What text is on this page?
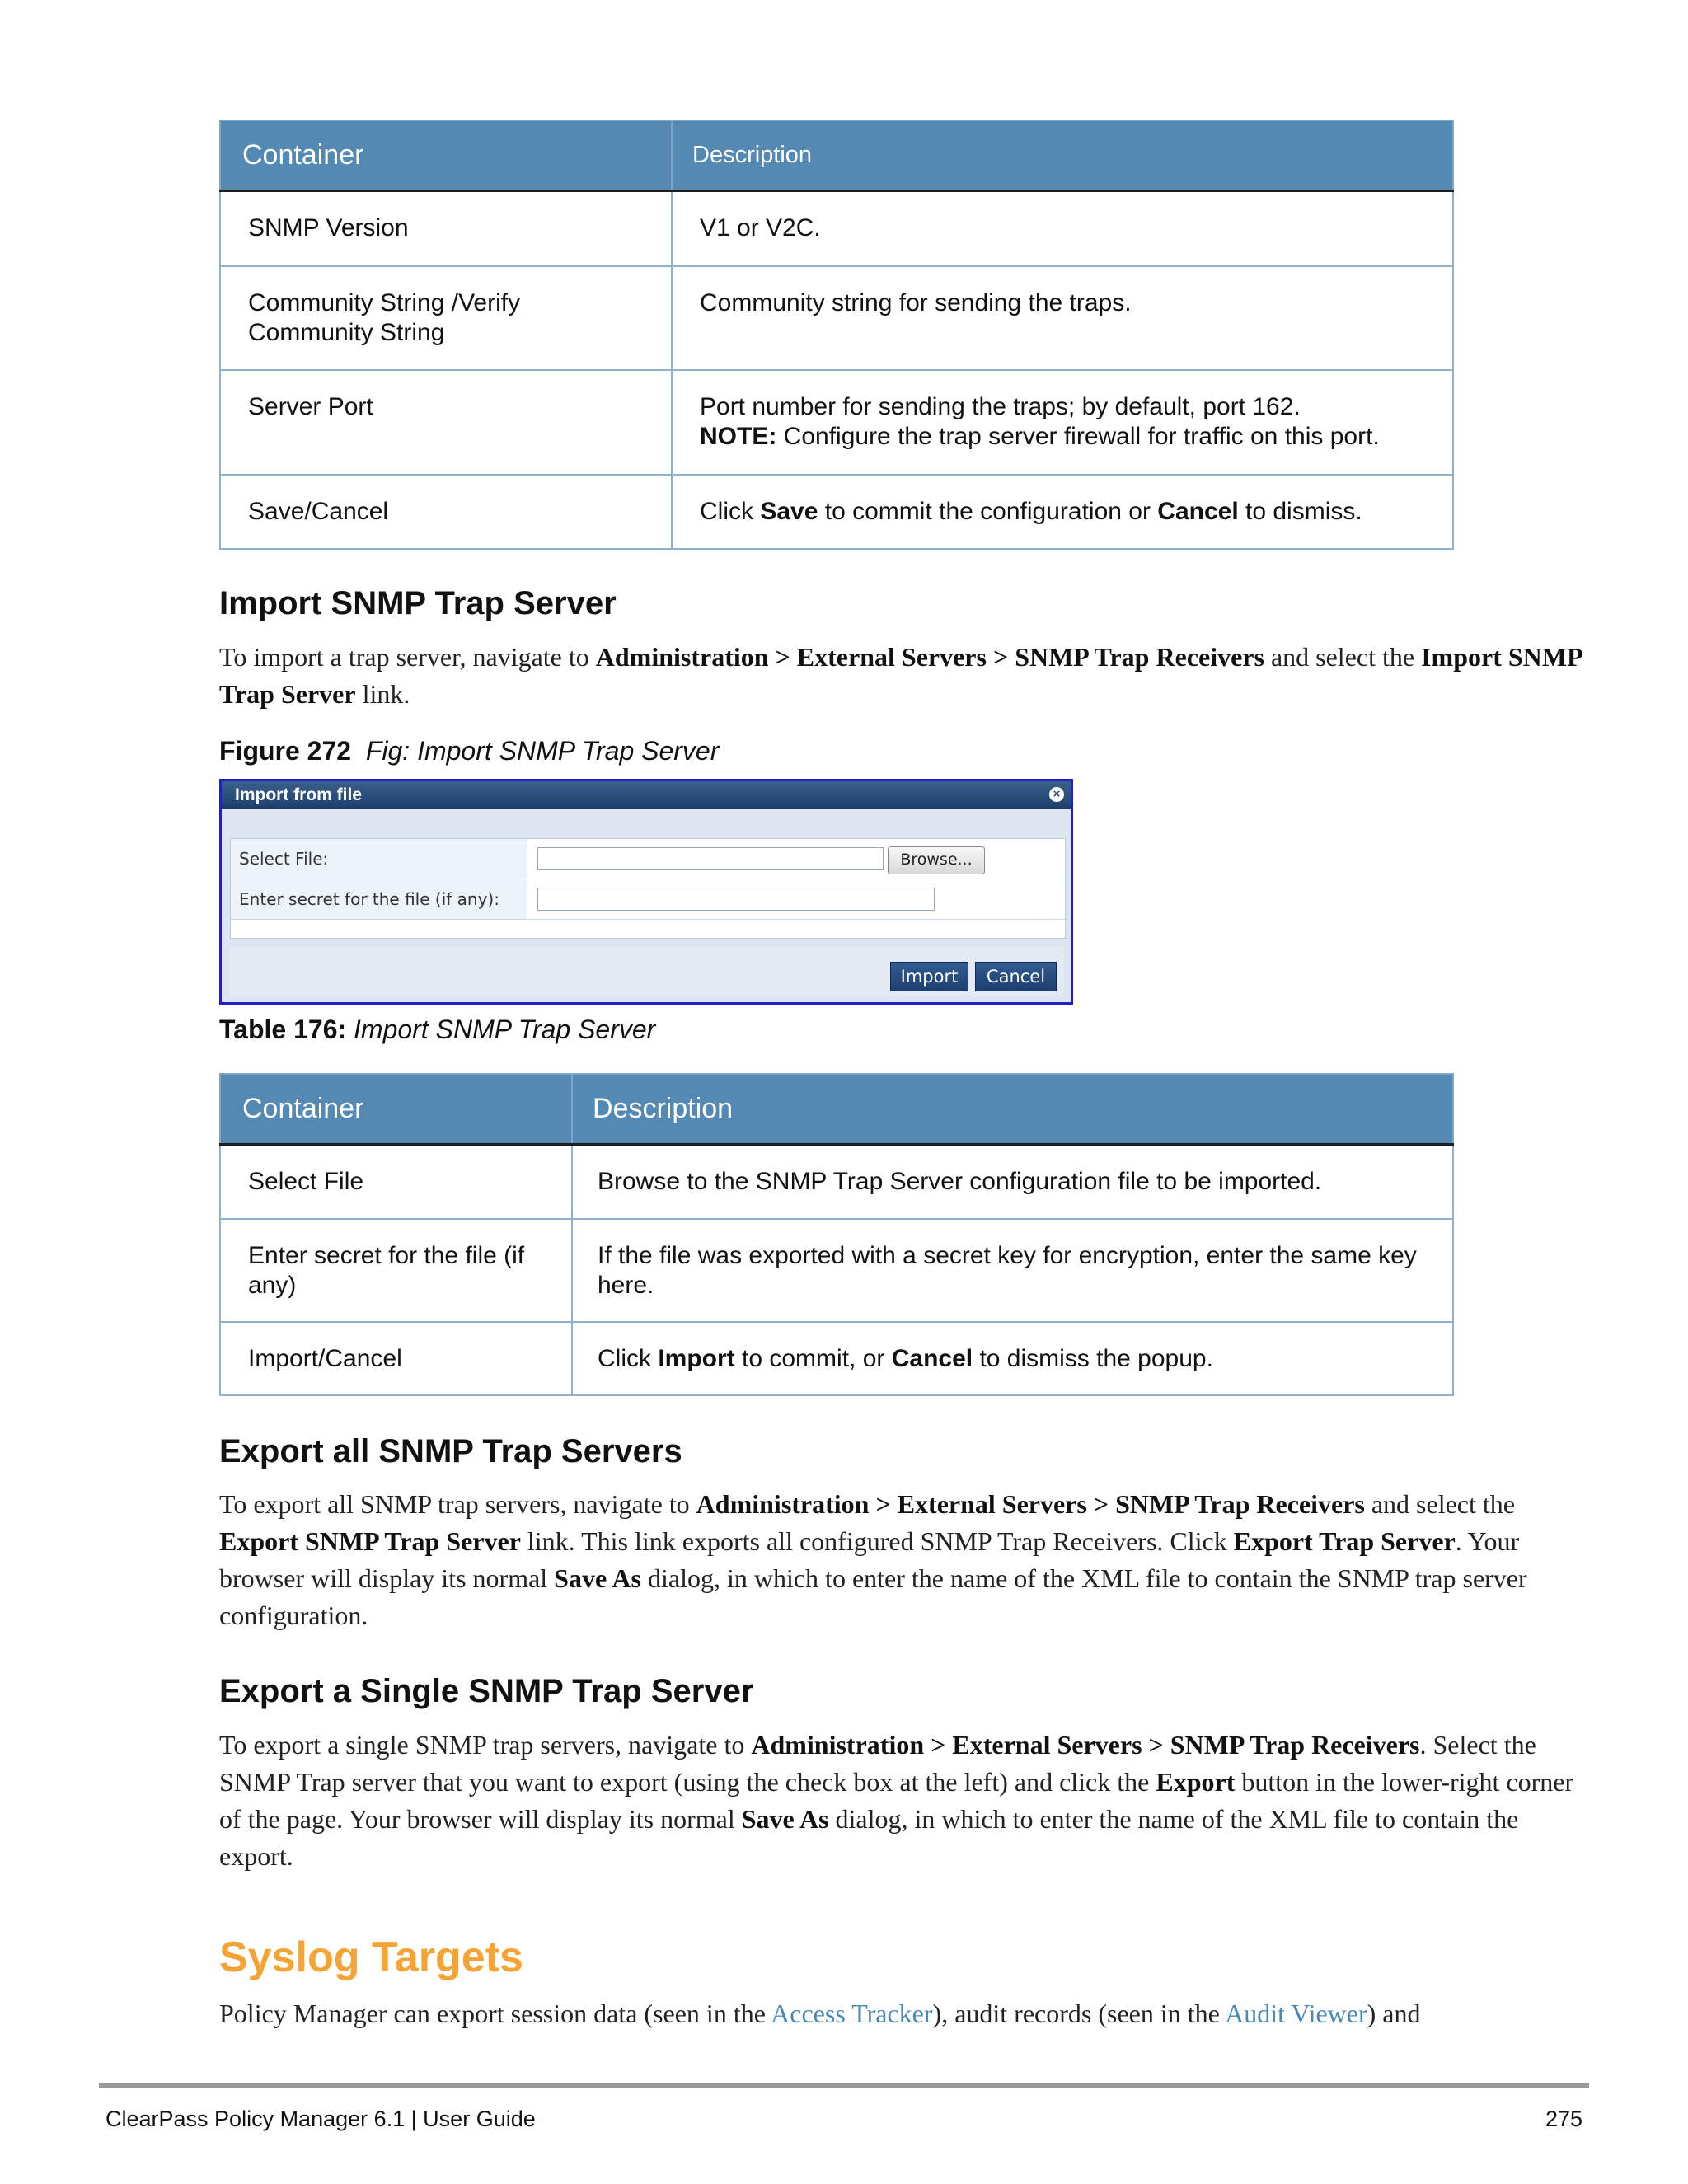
Container	Description
SNMP Version	V1 or V2C.
Community String /Verify Community String	Community string for sending the traps.
Server Port	Port number for sending the traps; by default, port 162.
NOTE: Configure the trap server firewall for traffic on this port.
Save/Cancel	Click Save to commit the configuration or Cancel to dismiss.
Import SNMP Trap Server
To import a trap server, navigate to Administration > External Servers > SNMP Trap Receivers and select the Import SNMP Trap Server link.
Figure 272 Fig: Import SNMP Trap Server
Import from file	×
Select File:	Browse...
Enter secret for the file (if any):
Import	Cancel
Table 176: Import SNMP Trap Server
Container	Description
Select File	Browse to the SNMP Trap Server configuration file to be imported.
Enter secret for the file (if any)	If the file was exported with a secret key for encryption, enter the same key here.
Import/Cancel	Click Import to commit, or Cancel to dismiss the popup.
Export all SNMP Trap Servers
To export all SNMP trap servers, navigate to Administration > External Servers > SNMP Trap Receivers and select the Export SNMP Trap Server link. This link exports all configured SNMP Trap Receivers. Click Export Trap Server. Your browser will display its normal Save As dialog, in which to enter the name of the XML file to contain the SNMP trap server configuration.
Export a Single SNMP Trap Server
To export a single SNMP trap servers, navigate to Administration > External Servers > SNMP Trap Receivers. Select the SNMP Trap server that you want to export (using the check box at the left) and click the Export button in the lower-right corner of the page. Your browser will display its normal Save As dialog, in which to enter the name of the XML file to contain the export.
Syslog Targets
Policy Manager can export session data (seen in the Access Tracker), audit records (seen in the Audit Viewer) and
ClearPass Policy Manager 6.1 | User Guide	275
